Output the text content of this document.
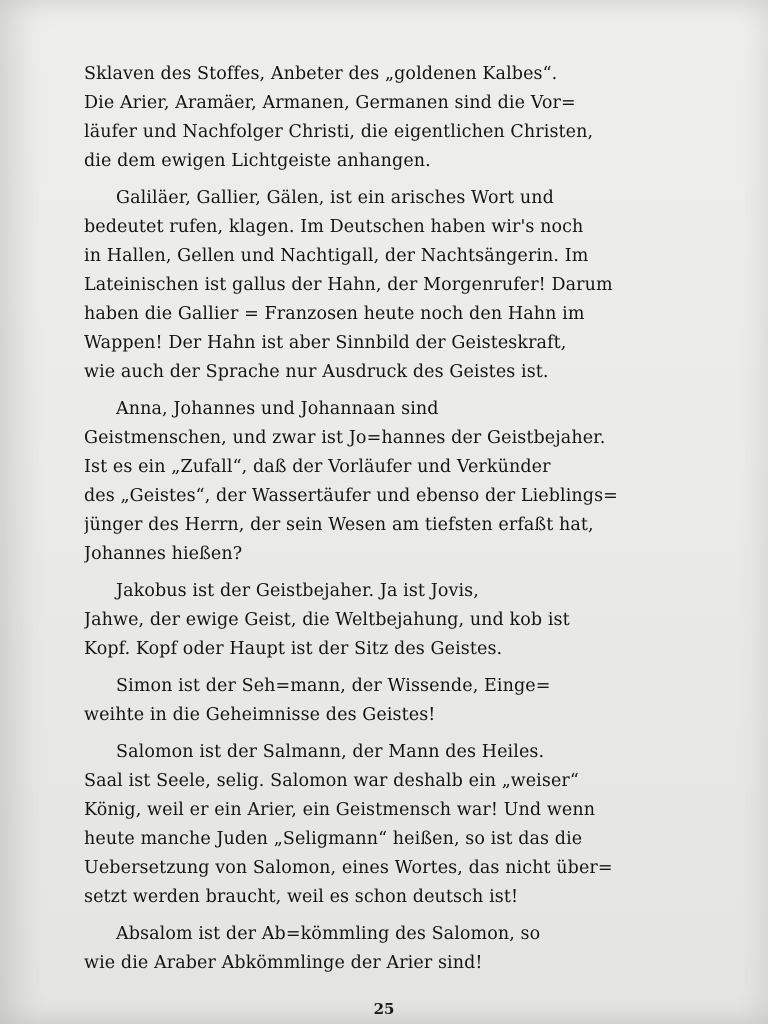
Sklaven des Stoffes, Anbeter des „goldenen Kalbes“.
Die Arier, Aramäer, Armanen, Germanen sind die Vor=
läufer und Nachfolger Christi, die eigentlichen Christen,
die dem ewigen Lichtgeiste anhangen.

Galiläer, Gallier, Gälen, ist ein arisches Wort und
bedeutet rufen, klagen. Im Deutschen haben wir's noch
in Hallen, Gellen und Nachtigall, der Nachtsängerin. Im
Lateinischen ist gallus der Hahn, der Morgenrufer! Darum
haben die Gallier = Franzosen heute noch den Hahn im
Wappen! Der Hahn ist aber Sinnbild der Geisteskraft,
wie auch der Sprache nur Ausdruck des Geistes ist.

Anna, Johannes und Johannaan sind
Geistmenschen, und zwar ist Jo=hannes der Geistbejaher.
Ist es ein „Zufall“, daß der Vorläufer und Verkünder
des „Geistes“, der Wassertäufer und ebenso der Lieblings=
jünger des Herrn, der sein Wesen am tiefsten erfaßt hat,
Johannes hießen?

Jakobus ist der Geistbejaher. Ja ist Jovis,
Jahwe, der ewige Geist, die Weltbejahung, und kob ist
Kopf. Kopf oder Haupt ist der Sitz des Geistes.

Simon ist der Seh=mann, der Wissende, Einge=
weihte in die Geheimnisse des Geistes!

Salomon ist der Salmann, der Mann des Heiles.
Saal ist Seele, selig. Salomon war deshalb ein „weiser“
König, weil er ein Arier, ein Geistmensch war! Und wenn
heute manche Juden „Seligmann“ heißen, so ist das die
Uebersetzung von Salomon, eines Wortes, das nicht über=
setzt werden braucht, weil es schon deutsch ist!

Absalom ist der Ab=kömmling des Salomon, so
wie die Araber Abkömmlinge der Arier sind!

25
